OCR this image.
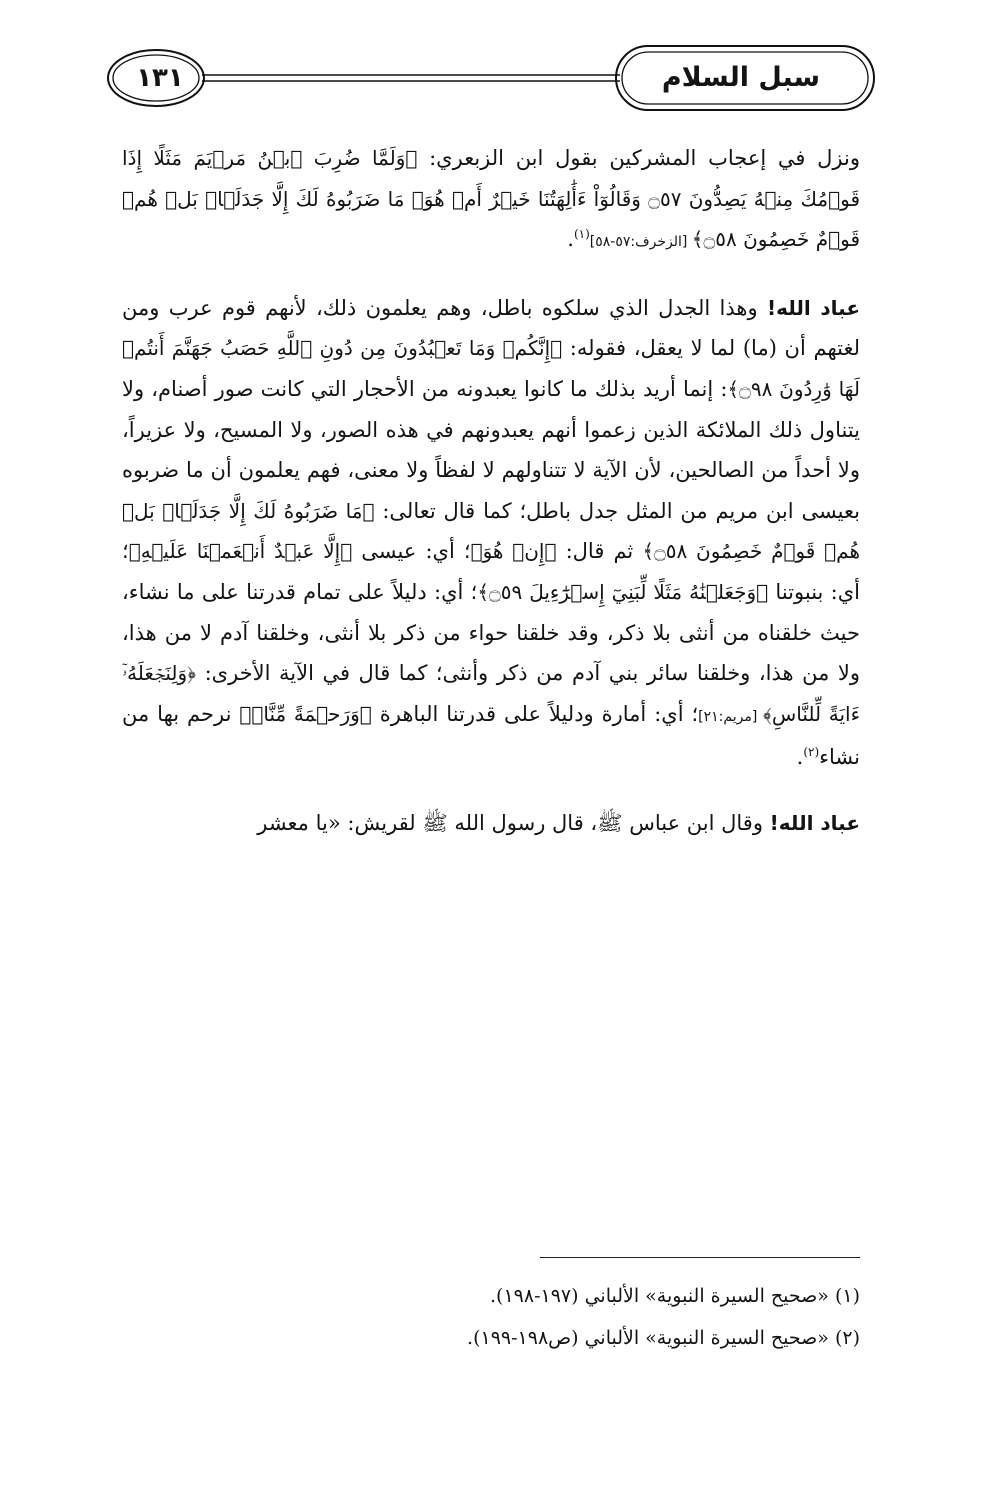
سبل السلام
١٣١

ونزل في إعجاب المشركين بقول ابن الزبعري: ﴿وَلَمَّا ضُرِبَ ٱبۡنُ مَرۡيَمَ مَثَلًا إِذَا قَوۡمُكَ مِنۡهُ يَصِدُّونَ ۝٥٧ وَقَالُوٓاْ ءَأَٰلِهَتُنَا خَيۡرٌ أَمۡ هُوَۚ مَا ضَرَبُوهُ لَكَ إِلَّا جَدَلَۢاۚ بَلۡ هُمۡ قَوۡمٌ خَصِمُونَ ۝٥٨﴾ [الزخرف:٥٧-٥٨]$^{(١)}$.

عباد الله! وهذا الجدل الذي سلكوه باطل، وهم يعلمون ذلك، لأنهم قوم عرب ومن لغتهم أن (ما) لما لا يعقل، فقوله: ﴿إِنَّكُمۡ وَمَا تَعۡبُدُونَ مِن دُونِ ٱللَّهِ حَصَبُ جَهَنَّمَ أَنتُمۡ لَهَا وَٰرِدُونَ ۝٩٨﴾: إنما أريد بذلك ما كانوا يعبدونه من الأحجار التي كانت صور أصنام، ولا يتناول ذلك الملائكة الذين زعموا أنهم يعبدونهم في هذه الصور، ولا المسيح، ولا عزيراً، ولا أحداً من الصالحين، لأن الآية لا تتناولهم لا لفظاً ولا معنى، فهم يعلمون أن ما ضربوه بعيسى ابن مريم من المثل جدل باطل؛ كما قال تعالى: ﴿مَا ضَرَبُوهُ لَكَ إِلَّا جَدَلَۢاۚ بَلۡ هُمۡ قَوۡمٌ خَصِمُونَ ۝٥٨﴾ ثم قال: ﴿إِنۡ هُوَ﴾؛ أي: عيسى ﴿إِلَّا عَبۡدٌ أَنۡعَمۡنَا عَلَيۡهِ﴾؛ أي: بنبوتنا ﴿وَجَعَلۡنَٰهُ مَثَلًا لِّبَنِيٓ إِسۡرَٰٓءِيلَ ۝٥٩﴾؛ أي: دليلاً على تمام قدرتنا على ما نشاء، حيث خلقناه من أنثى بلا ذكر، وقد خلقنا حواء من ذكر بلا أنثى، وخلقنا آدم لا من هذا، ولا من هذا، وخلقنا سائر بني آدم من ذكر وأنثى؛ كما قال في الآية الأخرى: ﴿وَلِنَجۡعَلَهُۥٓ ءَايَةً لِّلنَّاسِ﴾ [مريم:٢١]؛ أي: أمارة ودليلاً على قدرتنا الباهرة ﴿وَرَحۡمَةً مِّنَّاۚ﴾ نرحم بها من نشاء$^{(٢)}$.

عباد الله! وقال ابن عباس ﷺ، قال رسول الله ﷺ لقريش: «يا معشر

(١) «صحيح السيرة النبوية» الألباني (١٩٧-١٩٨).

(٢) «صحيح السيرة النبوية» الألباني (ص١٩٨-١٩٩).
